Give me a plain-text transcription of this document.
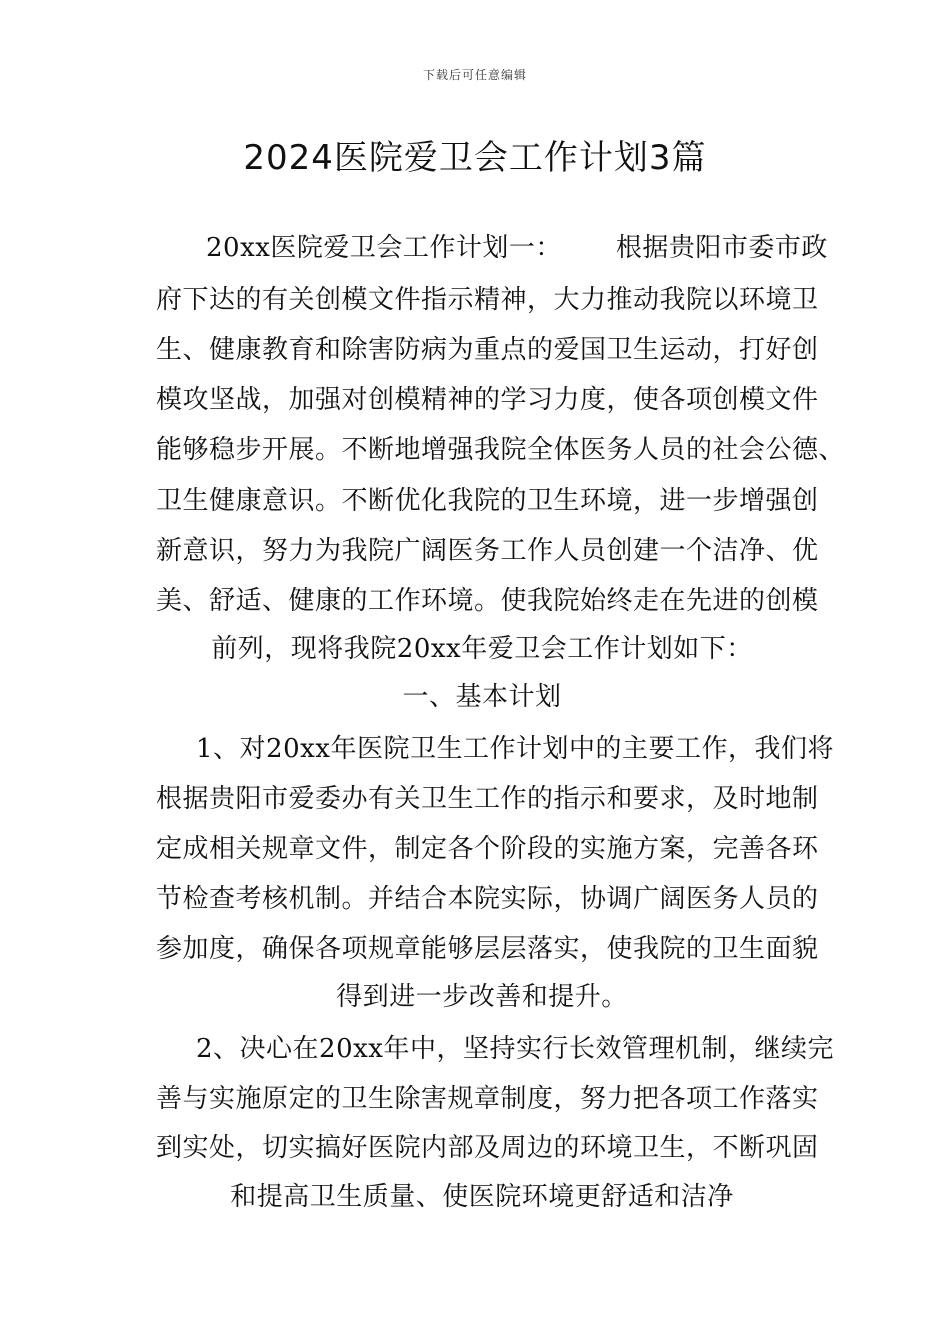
下载后可任意编辑
2024医院爱卫会工作计划3篇
20xx医院爱卫会工作计划一： 根据贵阳市委市政
府下达的有关创模文件指示精神，大力推动我院以环境卫
生、健康教育和除害防病为重点的爱国卫生运动，打好创
模攻坚战，加强对创模精神的学习力度，使各项创模文件
能够稳步开展。不断地增强我院全体医务人员的社会公德、
卫生健康意识。不断优化我院的卫生环境，进一步增强创
新意识，努力为我院广阔医务工作人员创建一个洁净、优
美、舒适、健康的工作环境。使我院始终走在先进的创模
前列，现将我院20xx年爱卫会工作计划如下：
一、基本计划
1、对20xx年医院卫生工作计划中的主要工作，我们将
根据贵阳市爱委办有关卫生工作的指示和要求，及时地制
定成相关规章文件，制定各个阶段的实施方案，完善各环
节检查考核机制。并结合本院实际，协调广阔医务人员的
参加度，确保各项规章能够层层落实，使我院的卫生面貌
得到进一步改善和提升。
2、决心在20xx年中，坚持实行长效管理机制，继续完
善与实施原定的卫生除害规章制度，努力把各项工作落实
到实处，切实搞好医院内部及周边的环境卫生，不断巩固
和提高卫生质量、使医院环境更舒适和洁净
